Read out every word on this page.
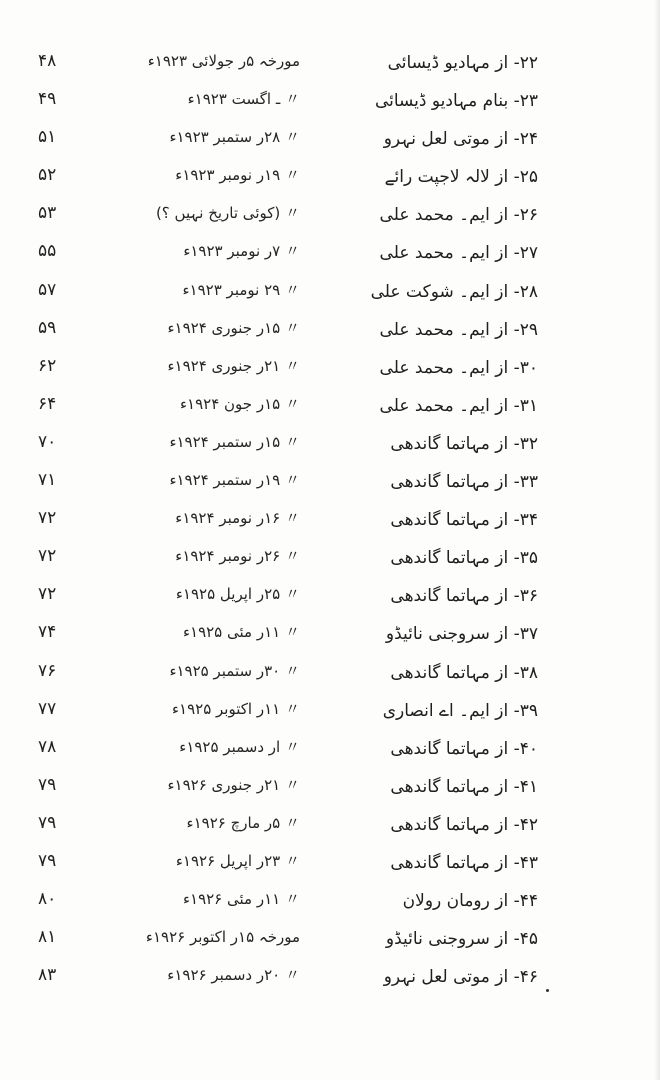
۲۲- از مہادیو ڈیسائی
مورخہ ۵ر جولائی ۱۹۲۳ء
۴۸
۲۳- بنام مہادیو ڈیسائی
〃 ـ اگست ۱۹۲۳ء
۴۹
۲۴- از موتی لعل نہرو
〃 ۲۸ر ستمبر ۱۹۲۳ء
۵۱
۲۵- از لالہ لاجپت رائے
〃 ۱۹ر نومبر ۱۹۲۳ء
۵۲
۲۶- از ایم۔ محمد علی
〃 (کوئی تاریخ نہیں ؟)
۵۳
۲۷- از ایم۔ محمد علی
〃 ۷ر نومبر ۱۹۲۳ء
۵۵
۲۸- از ایم۔ شوکت علی
〃 ۲۹ نومبر ۱۹۲۳ء
۵۷
۲۹- از ایم۔ محمد علی
〃 ۱۵ر جنوری ۱۹۲۴ء
۵۹
۳۰- از ایم۔ محمد علی
〃 ۲۱ر جنوری ۱۹۲۴ء
۶۲
۳۱- از ایم۔ محمد علی
〃 ۱۵ر جون ۱۹۲۴ء
۶۴
۳۲- از مہاتما گاندھی
〃 ۱۵ر ستمبر ۱۹۲۴ء
۷۰
۳۳- از مہاتما گاندھی
〃 ۱۹ر ستمبر ۱۹۲۴ء
۷۱
۳۴- از مہاتما گاندھی
〃 ۱۶ر نومبر ۱۹۲۴ء
۷۲
۳۵- از مہاتما گاندھی
〃 ۲۶ر نومبر ۱۹۲۴ء
۷۲
۳۶- از مہاتما گاندھی
〃 ۲۵ر اپریل ۱۹۲۵ء
۷۲
۳۷- از سروجنی نائیڈو
〃 ۱۱ر مئی ۱۹۲۵ء
۷۴
۳۸- از مہاتما گاندھی
〃 ۳۰ر ستمبر ۱۹۲۵ء
۷۶
۳۹- از ایم۔ اے انصاری
〃 ۱۱ر اکتوبر ۱۹۲۵ء
۷۷
۴۰- از مہاتما گاندھی
〃 ار دسمبر ۱۹۲۵ء
۷۸
۴۱- از مہاتما گاندھی
〃 ۲۱ر جنوری ۱۹۲۶ء
۷۹
۴۲- از مہاتما گاندھی
〃 ۵ر مارچ ۱۹۲۶ء
۷۹
۴۳- از مہاتما گاندھی
〃 ۲۳ر اپریل ۱۹۲۶ء
۷۹
۴۴- از رومان رولان
〃 ۱۱ر مئی ۱۹۲۶ء
۸۰
۴۵- از سروجنی نائیڈو
مورخہ ۱۵ر اکتوبر ۱۹۲۶ء
۸۱
۴۶- از موتی لعل نہرو
〃 ۲۰ر دسمبر ۱۹۲۶ء
۸۳
